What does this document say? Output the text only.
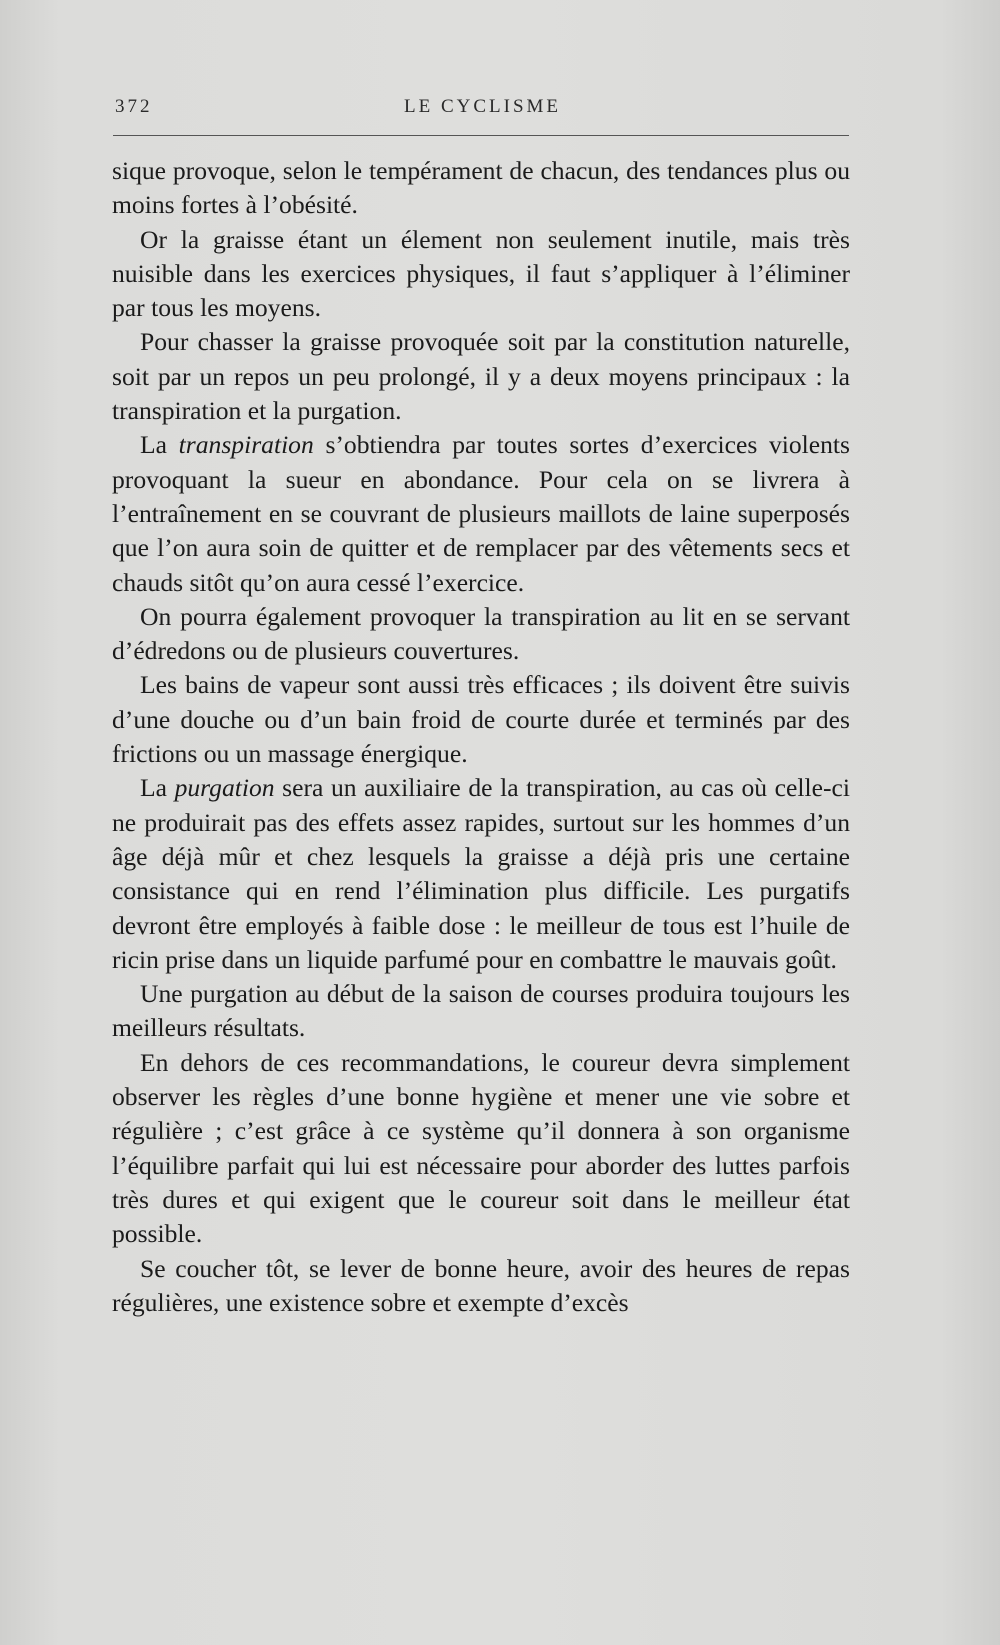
372	LE CYCLISME

sique provoque, selon le tempérament de chacun, des tendances plus ou moins fortes à l’obésité.

Or la graisse étant un élement non seulement inutile, mais très nuisible dans les exercices physiques, il faut s’appliquer à l’éliminer par tous les moyens.

Pour chasser la graisse provoquée soit par la constitution naturelle, soit par un repos un peu prolongé, il y a deux moyens principaux : la transpiration et la purgation.

La transpiration s’obtiendra par toutes sortes d’exercices violents provoquant la sueur en abondance. Pour cela on se livrera à l’entraînement en se couvrant de plusieurs maillots de laine superposés que l’on aura soin de quitter et de remplacer par des vêtements secs et chauds sitôt qu’on aura cessé l’exercice.

On pourra également provoquer la transpiration au lit en se servant d’édredons ou de plusieurs couvertures.

Les bains de vapeur sont aussi très efficaces ; ils doivent être suivis d’une douche ou d’un bain froid de courte durée et terminés par des frictions ou un massage énergique.

La purgation sera un auxiliaire de la transpiration, au cas où celle-ci ne produirait pas des effets assez rapides, surtout sur les hommes d’un âge déjà mûr et chez lesquels la graisse a déjà pris une certaine consistance qui en rend l’élimination plus difficile. Les purgatifs devront être employés à faible dose : le meilleur de tous est l’huile de ricin prise dans un liquide parfumé pour en combattre le mauvais goût.

Une purgation au début de la saison de courses produira toujours les meilleurs résultats.

En dehors de ces recommandations, le coureur devra simplement observer les règles d’une bonne hygiène et mener une vie sobre et régulière ; c’est grâce à ce système qu’il donnera à son organisme l’équilibre parfait qui lui est nécessaire pour aborder des luttes parfois très dures et qui exigent que le coureur soit dans le meilleur état possible.

Se coucher tôt, se lever de bonne heure, avoir des heures de repas régulières, une existence sobre et exempte d’excès
